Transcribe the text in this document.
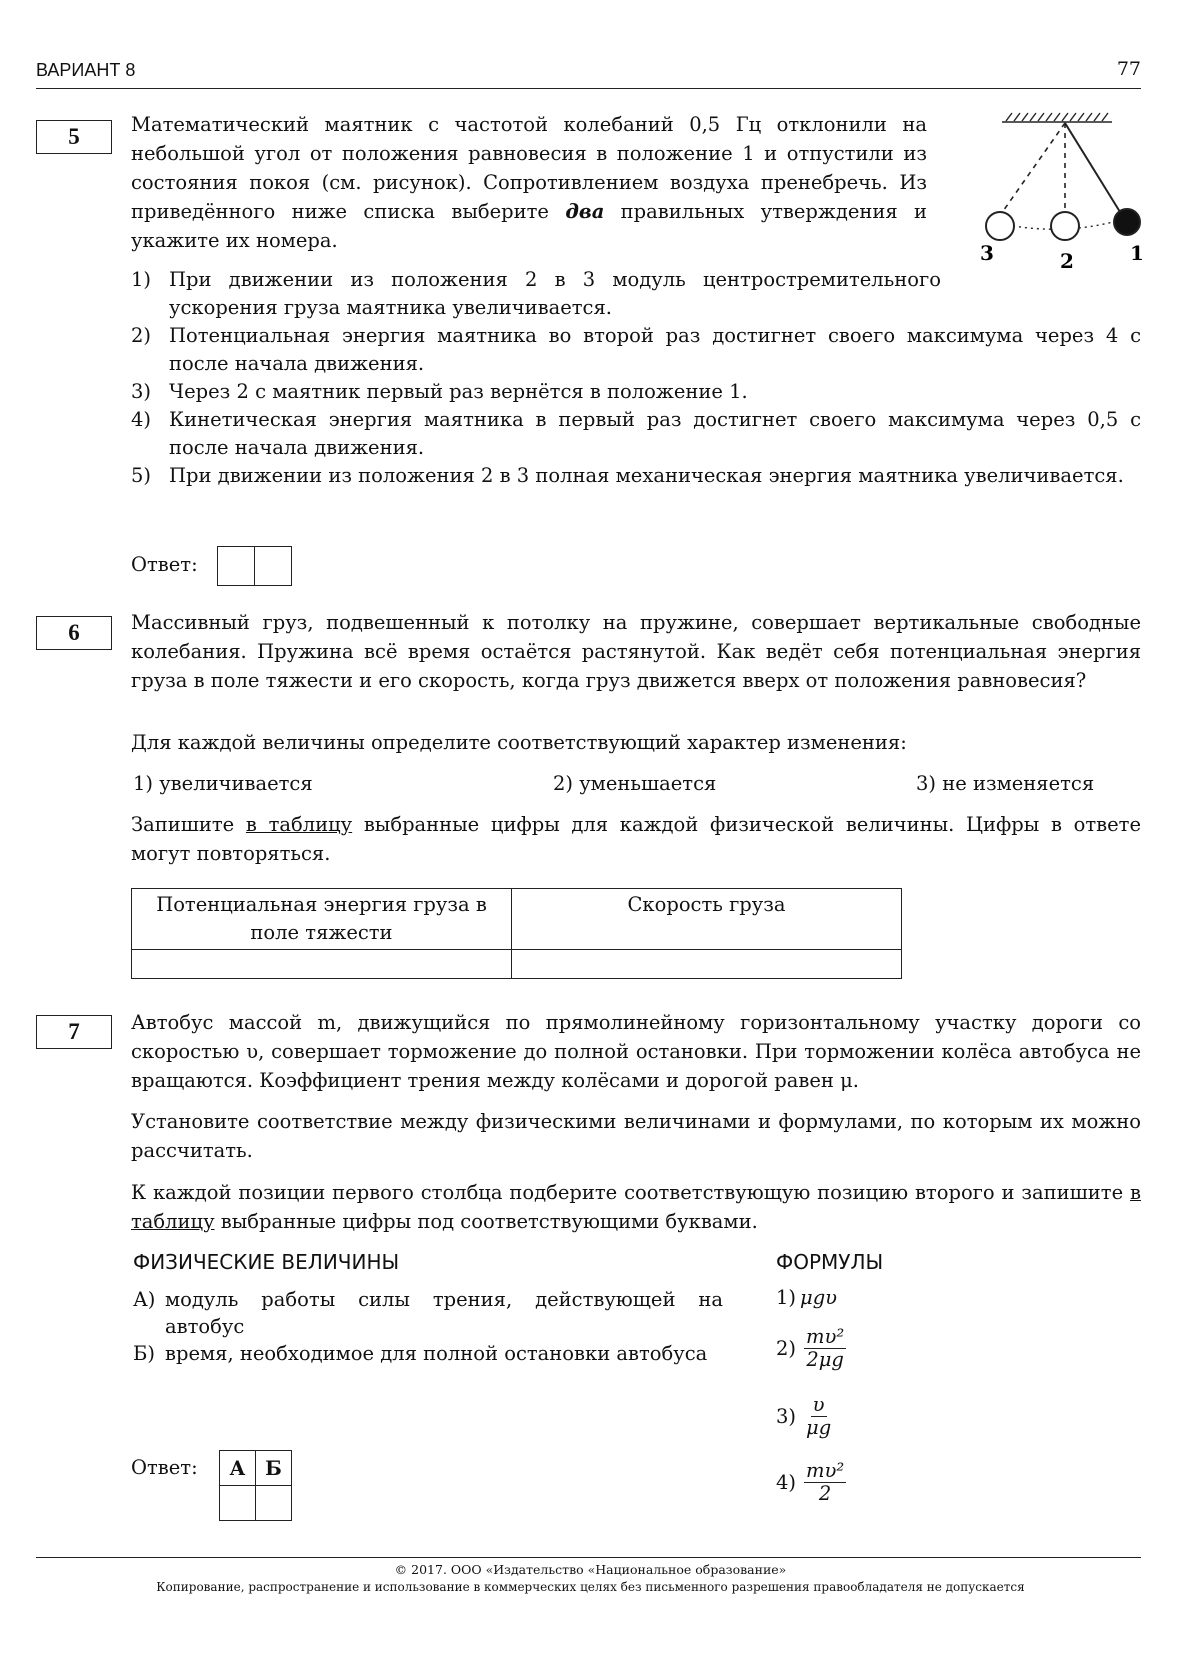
ВАРИАНТ 8	77
5	Математический маятник с частотой колебаний 0,5 Гц отклонили на небольшой угол от положения равновесия в положение 1 и отпустили из состояния покоя (см. рисунок). Сопротивлением воздуха пренебречь. Из приведённого ниже списка выберите два правильных утверждения и укажите их номера.

3	2	1
1) При движении из положения 2 в 3 модуль центростремительного ускорения груза маятника увеличивается.
2) Потенциальная энергия маятника во второй раз достигнет своего максимума через 4 с после начала движения.
3) Через 2 с маятник первый раз вернётся в положение 1.
4) Кинетическая энергия маятника в первый раз достигнет своего максимума через 0,5 с после начала движения.
5) При движении из положения 2 в 3 полная механическая энергия маятника увеличивается.
Ответ:
6	Массивный груз, подвешенный к потолку на пружине, совершает вертикальные свободные колебания. Пружина всё время остаётся растянутой. Как ведёт себя потенциальная энергия груза в поле тяжести и его скорость, когда груз движется вверх от положения равновесия?
Для каждой величины определите соответствующий характер изменения:
1) увеличивается	2) уменьшается	3) не изменяется

Запишите в таблицу выбранные цифры для каждой физической величины. Цифры в ответе могут повторяться.

Потенциальная энергия груза в поле тяжести	Скорость груза

7	Автобус массой m, движущийся по прямолинейному горизонтальному участку дороги со скоростью υ, совершает торможение до полной остановки. При торможении колёса автобуса не вращаются. Коэффициент трения между колёсами и дорогой равен μ.
Установите соответствие между физическими величинами и формулами, по которым их можно рассчитать.

К каждой позиции первого столбца подберите соответствующую позицию второго и запишите в таблицу выбранные цифры под соответствующими буквами.

ФИЗИЧЕСКИЕ ВЕЛИЧИНЫ	ФОРМУЛЫ
А) модуль работы силы трения, действующей на автобус
Б) время, необходимое для полной остановки автобуса
1) μgυ
$2) \frac{\text{mυ²}}{2\mu g}$
$3) \frac{\upsilon}{\mu g}$
$4) \frac{\text{mυ²}}{2}$
Ответ: А	Б

© 2017. ООО «Издательство «Национальное образование»
Копирование, распространение и использование в коммерческих целях без письменного разрешения правообладателя не допускается
